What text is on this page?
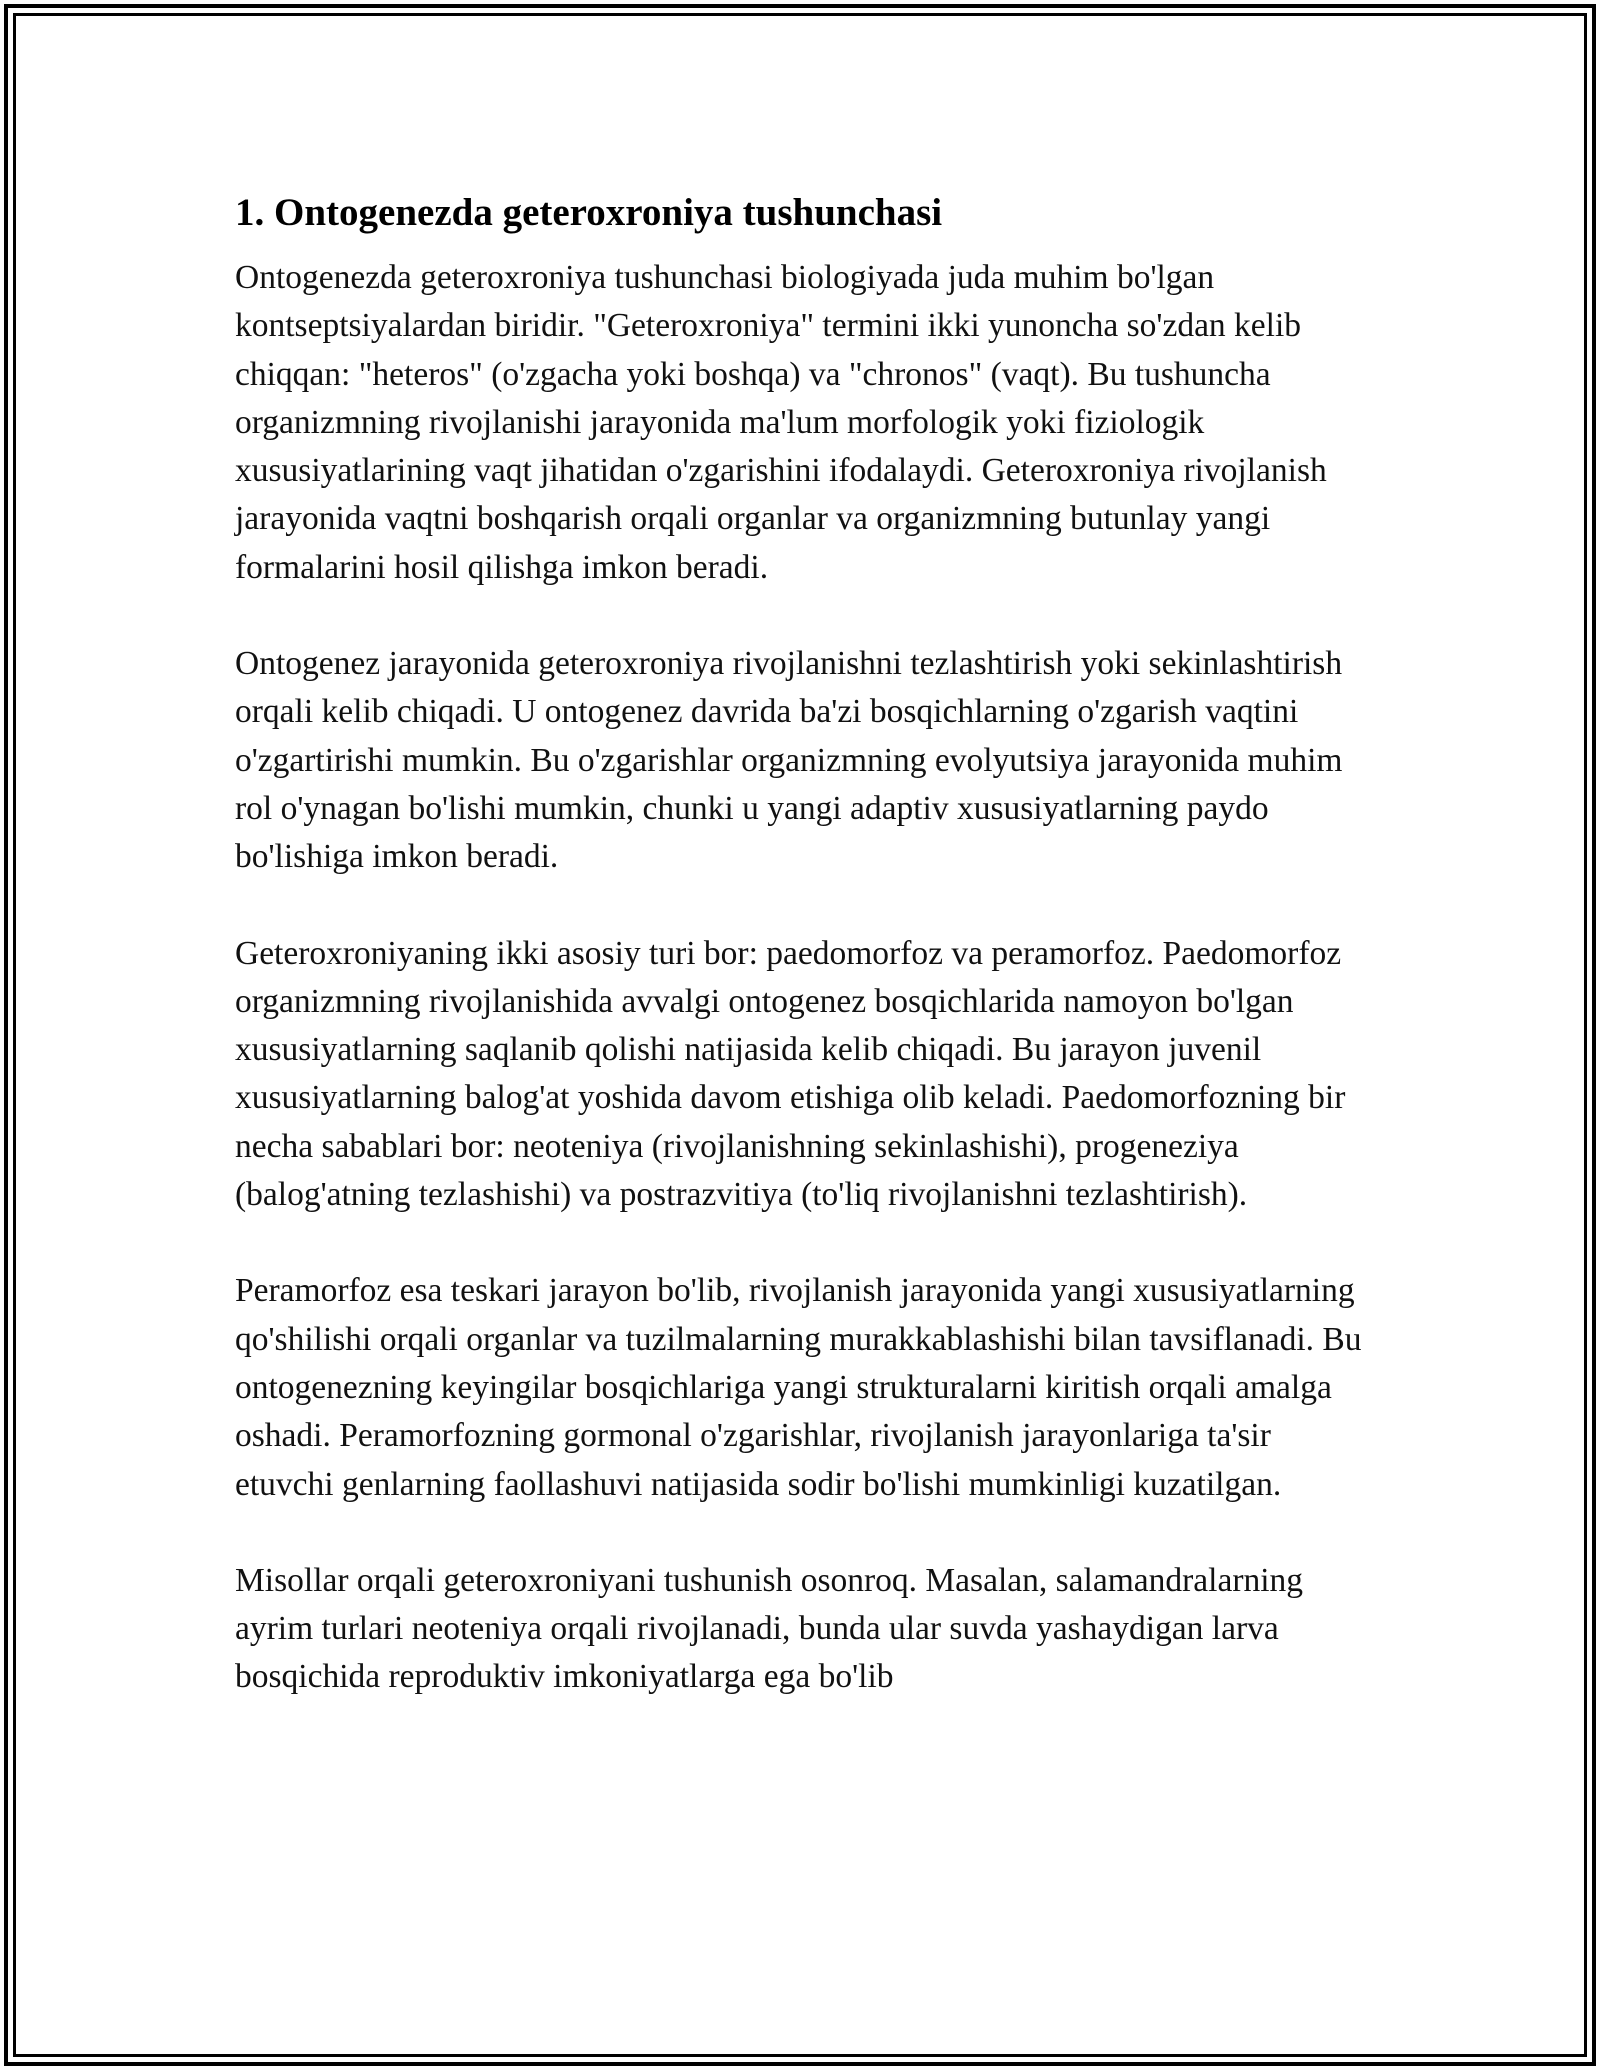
1. Ontogenezda geteroxroniya tushunchasi

Ontogenezda geteroxroniya tushunchasi biologiyada juda muhim bo'lgan kontseptsiyalardan biridir. "Geteroxroniya" termini ikki yunoncha so'zdan kelib chiqqan: "heteros" (o'zgacha yoki boshqa) va "chronos" (vaqt). Bu tushuncha organizmning rivojlanishi jarayonida ma'lum morfologik yoki fiziologik xususiyatlarining vaqt jihatidan o'zgarishini ifodalaydi. Geteroxroniya rivojlanish jarayonida vaqtni boshqarish orqali organlar va organizmning butunlay yangi formalarini hosil qilishga imkon beradi.

Ontogenez jarayonida geteroxroniya rivojlanishni tezlashtirish yoki sekinlashtirish orqali kelib chiqadi. U ontogenez davrida ba'zi bosqichlarning o'zgarish vaqtini o'zgartirishi mumkin. Bu o'zgarishlar organizmning evolyutsiya jarayonida muhim rol o'ynagan bo'lishi mumkin, chunki u yangi adaptiv xususiyatlarning paydo bo'lishiga imkon beradi.

Geteroxroniyaning ikki asosiy turi bor: paedomorfoz va peramorfoz. Paedomorfoz organizmning rivojlanishida avvalgi ontogenez bosqichlarida namoyon bo'lgan xususiyatlarning saqlanib qolishi natijasida kelib chiqadi. Bu jarayon juvenil xususiyatlarning balog'at yoshida davom etishiga olib keladi. Paedomorfozning bir necha sabablari bor: neoteniya (rivojlanishning sekinlashishi), progeneziya (balog'atning tezlashishi) va postrazvitiya (to'liq rivojlanishni tezlashtirish).

Peramorfoz esa teskari jarayon bo'lib, rivojlanish jarayonida yangi xususiyatlarning qo'shilishi orqali organlar va tuzilmalarning murakkablashishi bilan tavsiflanadi. Bu ontogenezning keyingilar bosqichlariga yangi strukturalarni kiritish orqali amalga oshadi. Peramorfozning gormonal o'zgarishlar, rivojlanish jarayonlariga ta'sir etuvchi genlarning faollashuvi natijasida sodir bo'lishi mumkinligi kuzatilgan.

Misollar orqali geteroxroniyani tushunish osonroq. Masalan, salamandralarning ayrim turlari neoteniya orqali rivojlanadi, bunda ular suvda yashaydigan larva bosqichida reproduktiv imkoniyatlarga ega bo'lib
